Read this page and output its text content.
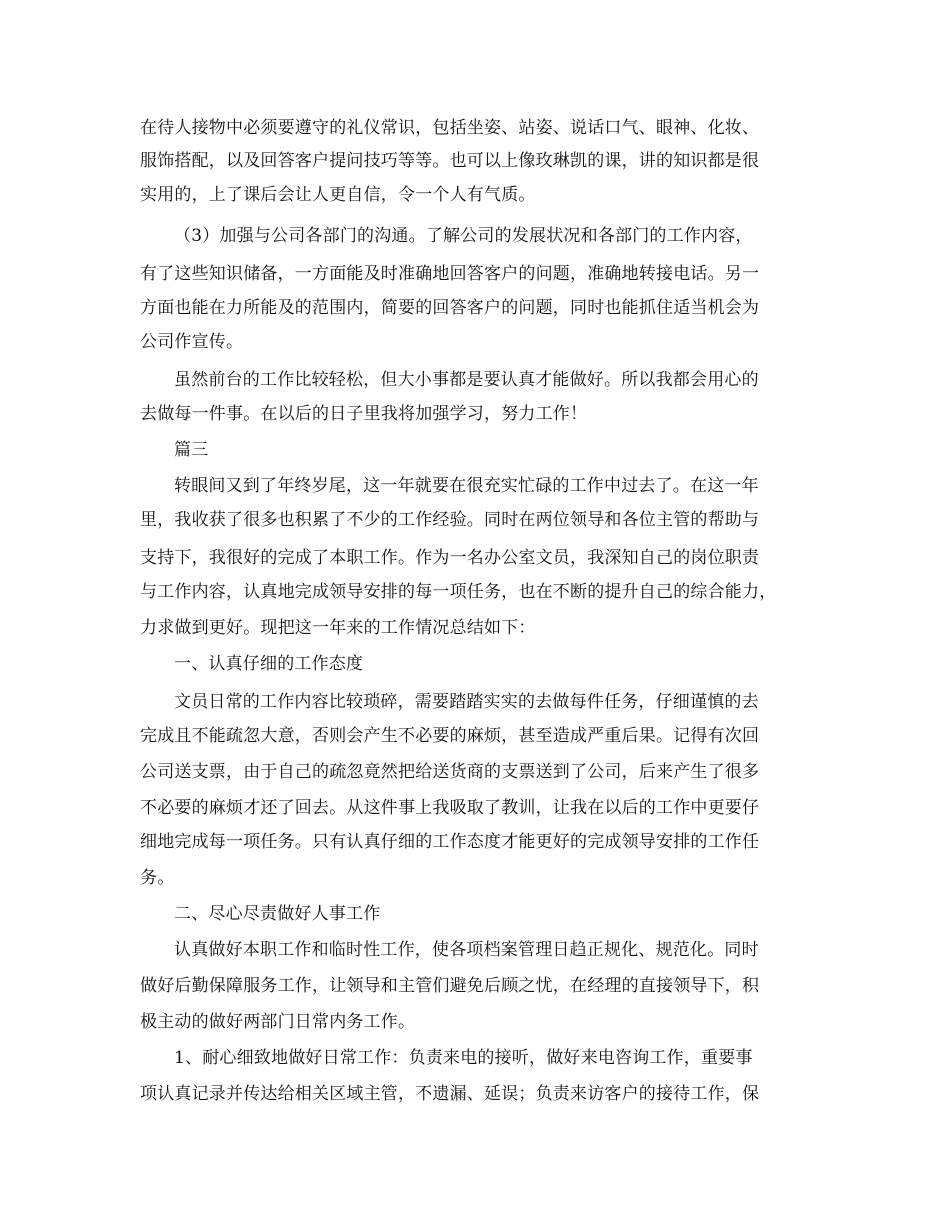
在待人接物中必须要遵守的礼仪常识，包括坐姿、站姿、说话口气、眼神、化妆、
服饰搭配，以及回答客户提问技巧等等。也可以上像玫琳凯的课，讲的知识都是很
实用的，上了课后会让人更自信，令一个人有气质。
（3）加强与公司各部门的沟通。了解公司的发展状况和各部门的工作内容，
有了这些知识储备，一方面能及时准确地回答客户的问题，准确地转接电话。另一
方面也能在力所能及的范围内，简要的回答客户的问题，同时也能抓住适当机会为
公司作宣传。
虽然前台的工作比较轻松，但大小事都是要认真才能做好。所以我都会用心的
去做每一件事。在以后的日子里我将加强学习，努力工作！
篇三
转眼间又到了年终岁尾，这一年就要在很充实忙碌的工作中过去了。在这一年
里，我收获了很多也积累了不少的工作经验。同时在两位领导和各位主管的帮助与
支持下，我很好的完成了本职工作。作为一名办公室文员，我深知自己的岗位职责
与工作内容，认真地完成领导安排的每一项任务，也在不断的提升自己的综合能力，
力求做到更好。现把这一年来的工作情况总结如下：
一、认真仔细的工作态度
文员日常的工作内容比较琐碎，需要踏踏实实的去做每件任务，仔细谨慎的去
完成且不能疏忽大意，否则会产生不必要的麻烦，甚至造成严重后果。记得有次回
公司送支票，由于自己的疏忽竟然把给送货商的支票送到了公司，后来产生了很多
不必要的麻烦才还了回去。从这件事上我吸取了教训，让我在以后的工作中更要仔
细地完成每一项任务。只有认真仔细的工作态度才能更好的完成领导安排的工作任
务。
二、尽心尽责做好人事工作
认真做好本职工作和临时性工作，使各项档案管理日趋正规化、规范化。同时
做好后勤保障服务工作，让领导和主管们避免后顾之忧，在经理的直接领导下，积
极主动的做好两部门日常内务工作。
1、耐心细致地做好日常工作：负责来电的接听，做好来电咨询工作，重要事
项认真记录并传达给相关区域主管，不遗漏、延误；负责来访客户的接待工作，保
